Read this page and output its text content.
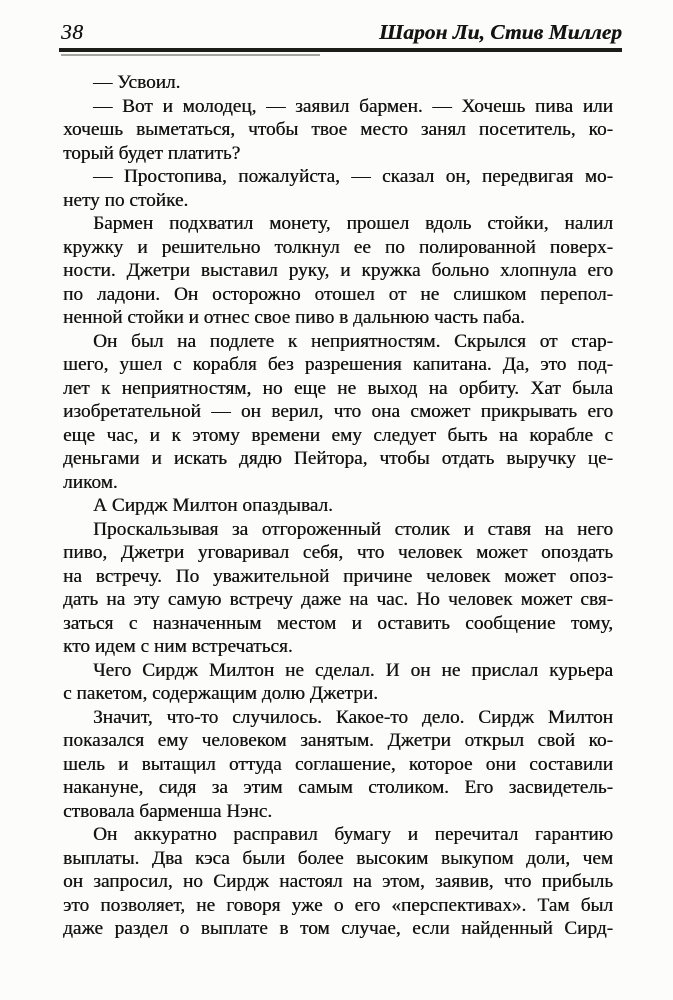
38	Шарон Ли, Стив Миллер
— Усвоил.
— Вот и молодец, — заявил бармен. — Хочешь пива или
хочешь выметаться, чтобы твое место занял посетитель, ко-
торый будет платить?
— Простопива, пожалуйста, — сказал он, передвигая мо-
нету по стойке.
Бармен подхватил монету, прошел вдоль стойки, налил
кружку и решительно толкнул ее по полированной поверх-
ности. Джетри выставил руку, и кружка больно хлопнула его
по ладони. Он осторожно отошел от не слишком перепол-
ненной стойки и отнес свое пиво в дальнюю часть паба.
Он был на подлете к неприятностям. Скрылся от стар-
шего, ушел с корабля без разрешения капитана. Да, это под-
лет к неприятностям, но еще не выход на орбиту. Хат была
изобретательной — он верил, что она сможет прикрывать его
еще час, и к этому времени ему следует быть на корабле с
деньгами и искать дядю Пейтора, чтобы отдать выручку це-
ликом.
А Сирдж Милтон опаздывал.
Проскальзывая за отгороженный столик и ставя на него
пиво, Джетри уговаривал себя, что человек может опоздать
на встречу. По уважительной причине человек может опоз-
дать на эту самую встречу даже на час. Но человек может свя-
заться с назначенным местом и оставить сообщение тому,
кто идем с ним встречаться.
Чего Сирдж Милтон не сделал. И он не прислал курьера
с пакетом, содержащим долю Джетри.
Значит, что-то случилось. Какое-то дело. Сирдж Милтон
показался ему человеком занятым. Джетри открыл свой ко-
шель и вытащил оттуда соглашение, которое они составили
накануне, сидя за этим самым столиком. Его засвидетель-
ствовала барменша Нэнс.
Он аккуратно расправил бумагу и перечитал гарантию
выплаты. Два кэса были более высоким выкупом доли, чем
он запросил, но Сирдж настоял на этом, заявив, что прибыль
это позволяет, не говоря уже о его «перспективах». Там был
даже раздел о выплате в том случае, если найденный Сирд-
